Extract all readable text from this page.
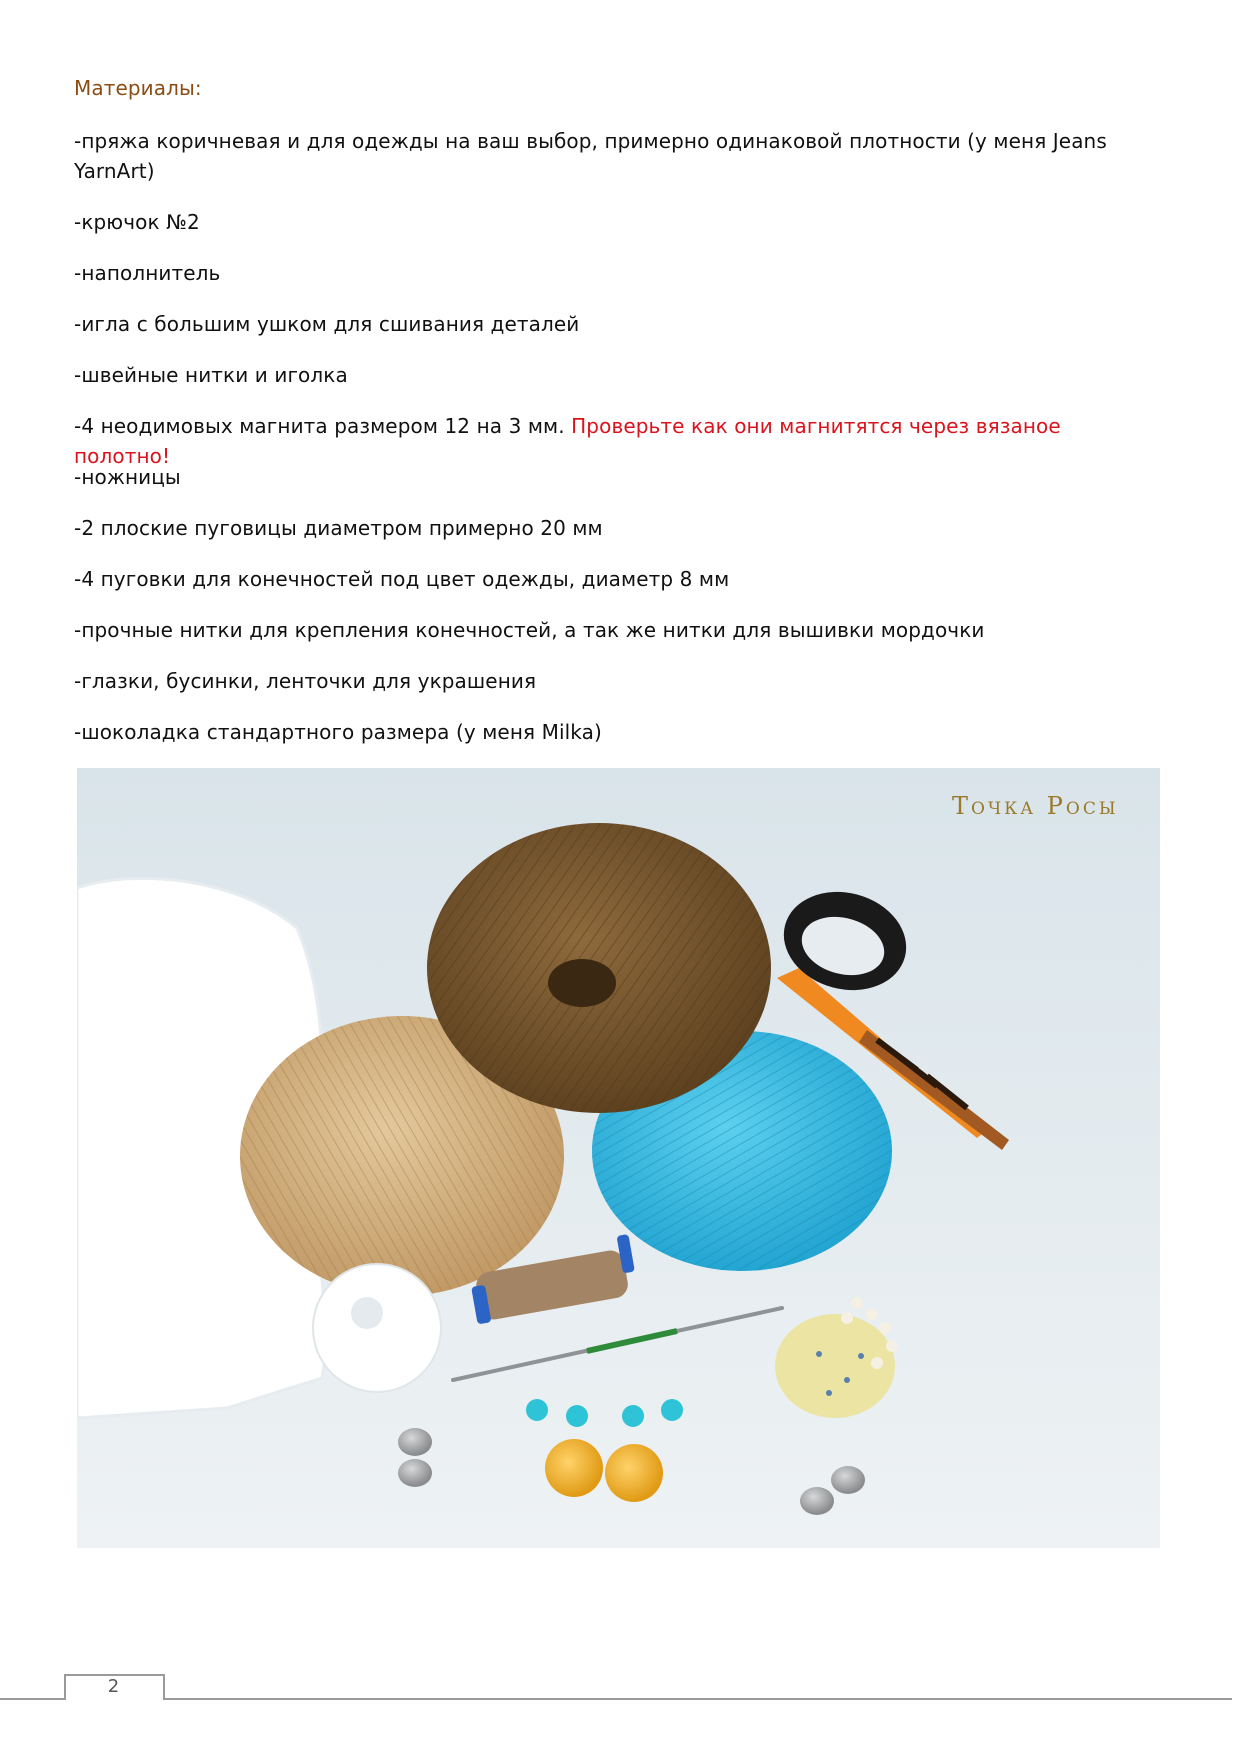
Материалы:
-пряжа коричневая и для одежды на ваш выбор, примерно одинаковой плотности (у меня Jeans YarnArt)
-крючок №2
-наполнитель
-игла с большим ушком для сшивания деталей
-швейные нитки и иголка
-4 неодимовых магнита размером 12 на 3 мм. Проверьте как они магнитятся через вязаное полотно!
-ножницы
-2 плоские пуговицы диаметром примерно 20 мм
-4 пуговки для конечностей под цвет одежды, диаметр 8 мм
-прочные нитки для крепления конечностей, а так же нитки для вышивки мордочки
-глазки, бусинки, ленточки для украшения
-шоколадка стандартного размера (у меня Milka)
Точка Росы
2
